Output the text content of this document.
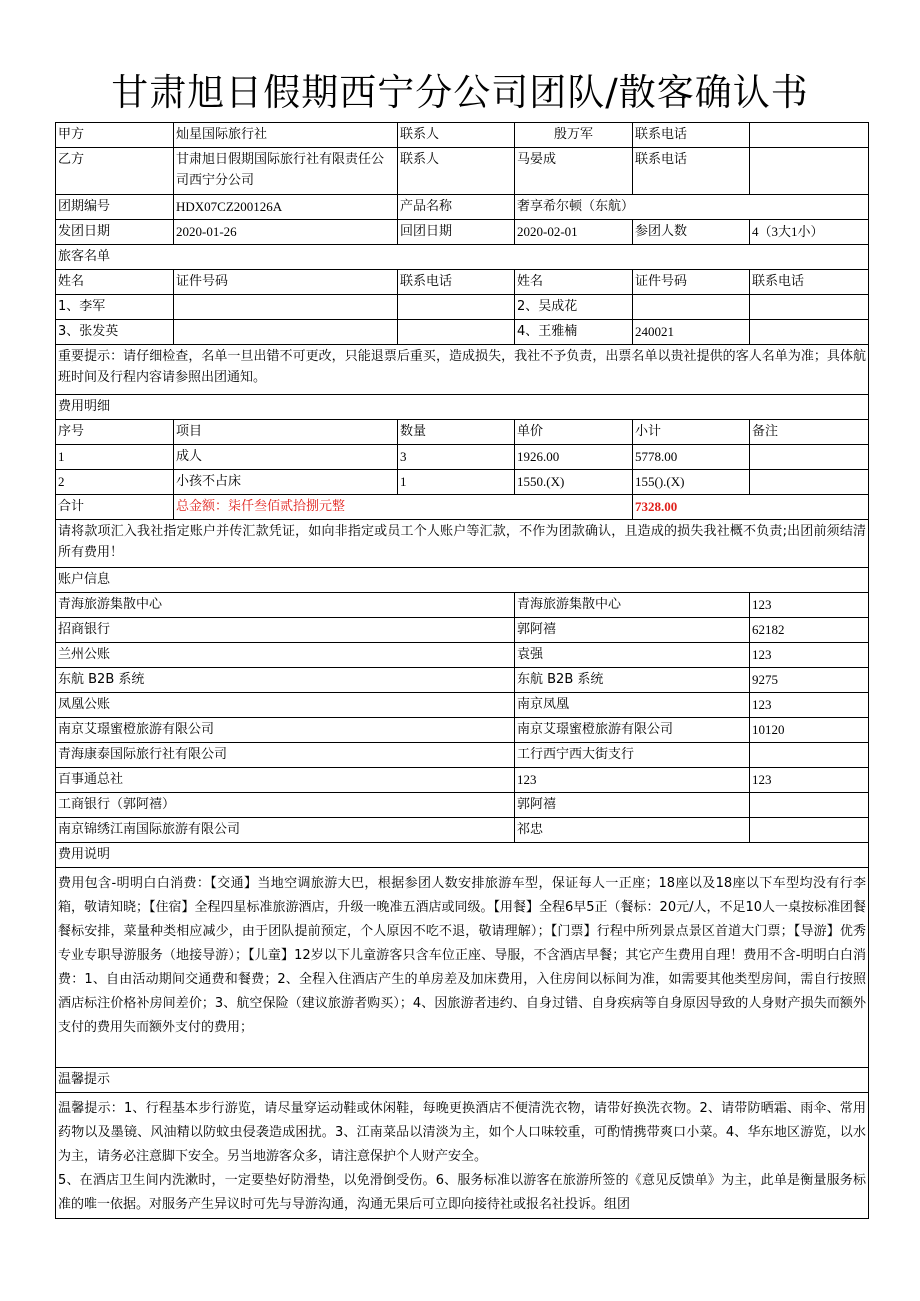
甘肃旭日假期西宁分公司团队/散客确认书
甲方	灿星国际旅行社	联系人	殷万军	联系电话	
乙方	甘肃旭日假期国际旅行社有限责任公司西宁分公司	联系人	马晏成	联系电话	
团期编号	HDX07CZ200126A	产品名称	奢享希尔顿（东航）		
发团日期	2020-01-26	回团日期	2020-02-01	参团人数	4（3大1小）
旅客名单					
姓名	证件号码	联系电话	姓名	证件号码	联系电话
1、李军			2、吴成花		
3、张发英			4、王雅楠	240021	
重要提示：请仔细检查，名单一旦出错不可更改，只能退票后重买，造成损失，我社不予负责，出票名单以贵社提供的客人名单为准；具体航班时间及行程内容请参照出团通知。					
费用明细					
序号	项目	数量	单价	小计	备注
1	成人	3	1926.00	5778.00	
2	小孩不占床	1	1550.(X)	155().(X)	
合计	总金额：柒仟叁佰贰拾捌元整			7328.00	
请将款项汇入我社指定账户并传汇款凭证，如向非指定或员工个人账户等汇款，不作为团款确认，且造成的损失我社概不负责;出团前须结清所有费用！					
账户信息					
青海旅游集散中心			青海旅游集散中心		123
招商银行			郭阿禧		62182
兰州公账			袁强		123
东航 B2B 系统			东航 B2B 系统		9275
凤凰公账			南京凤凰		123
南京艾璟蜜橙旅游有限公司			南京艾璟蜜橙旅游有限公司		10120
青海康泰国际旅行社有限公司			工行西宁西大街支行		
百事通总社			123		123
工商银行（郭阿禧）			郭阿禧		
南京锦绣江南国际旅游有限公司			祁忠		
费用说明					
费用包含-明明白白消费：【交通】当地空调旅游大巴，根据参团人数安排旅游车型，保证每人一正座；18座以及18座以下车型均没有行李箱，敬请知晓；【住宿】全程四星标准旅游酒店，升级一晚准五酒店或同级。【用餐】全程6早5正（餐标：20元/人，不足10人一桌按标准团餐餐标安排，菜量种类相应减少，由于团队提前预定，个人原因不吃不退，敬请理解）；【门票】行程中所列景点景区首道大门票；【导游】优秀专业专职导游服务（地接导游）；【儿童】12岁以下儿童游客只含车位正座、导服，不含酒店早餐；其它产生费用自理！费用不含-明明白白消费：1、自由活动期间交通费和餐费；2、全程入住酒店产生的单房差及加床费用，入住房间以标间为准，如需要其他类型房间，需自行按照酒店标注价格补房间差价；3、航空保险（建议旅游者购买）；4、因旅游者违约、自身过错、自身疾病等自身原因导致的人身财产损失而额外支付的费用失而额外支付的费用；					
温馨提示					

温馨提示：1、行程基本步行游览，请尽量穿运动鞋或休闲鞋，每晚更换酒店不便清洗衣物，请带好换洗衣物。2、请带防晒霜、雨伞、常用药物以及墨镜、风油精以防蚊虫侵袭造成困扰。3、江南菜品以清淡为主，如个人口味较重，可酌情携带爽口小菜。4、华东地区游览，以水为主，请务必注意脚下安全。另当地游客众多，请注意保护个人财产安全。
5、在酒店卫生间内洗漱时，一定要垫好防滑垫，以免滑倒受伤。6、服务标准以游客在旅游所签的《意见反馈单》为主，此单是衡量服务标准的唯一依据。对服务产生异议时可先与导游沟通，沟通无果后可立即向接待社或报名社投诉。组团					
